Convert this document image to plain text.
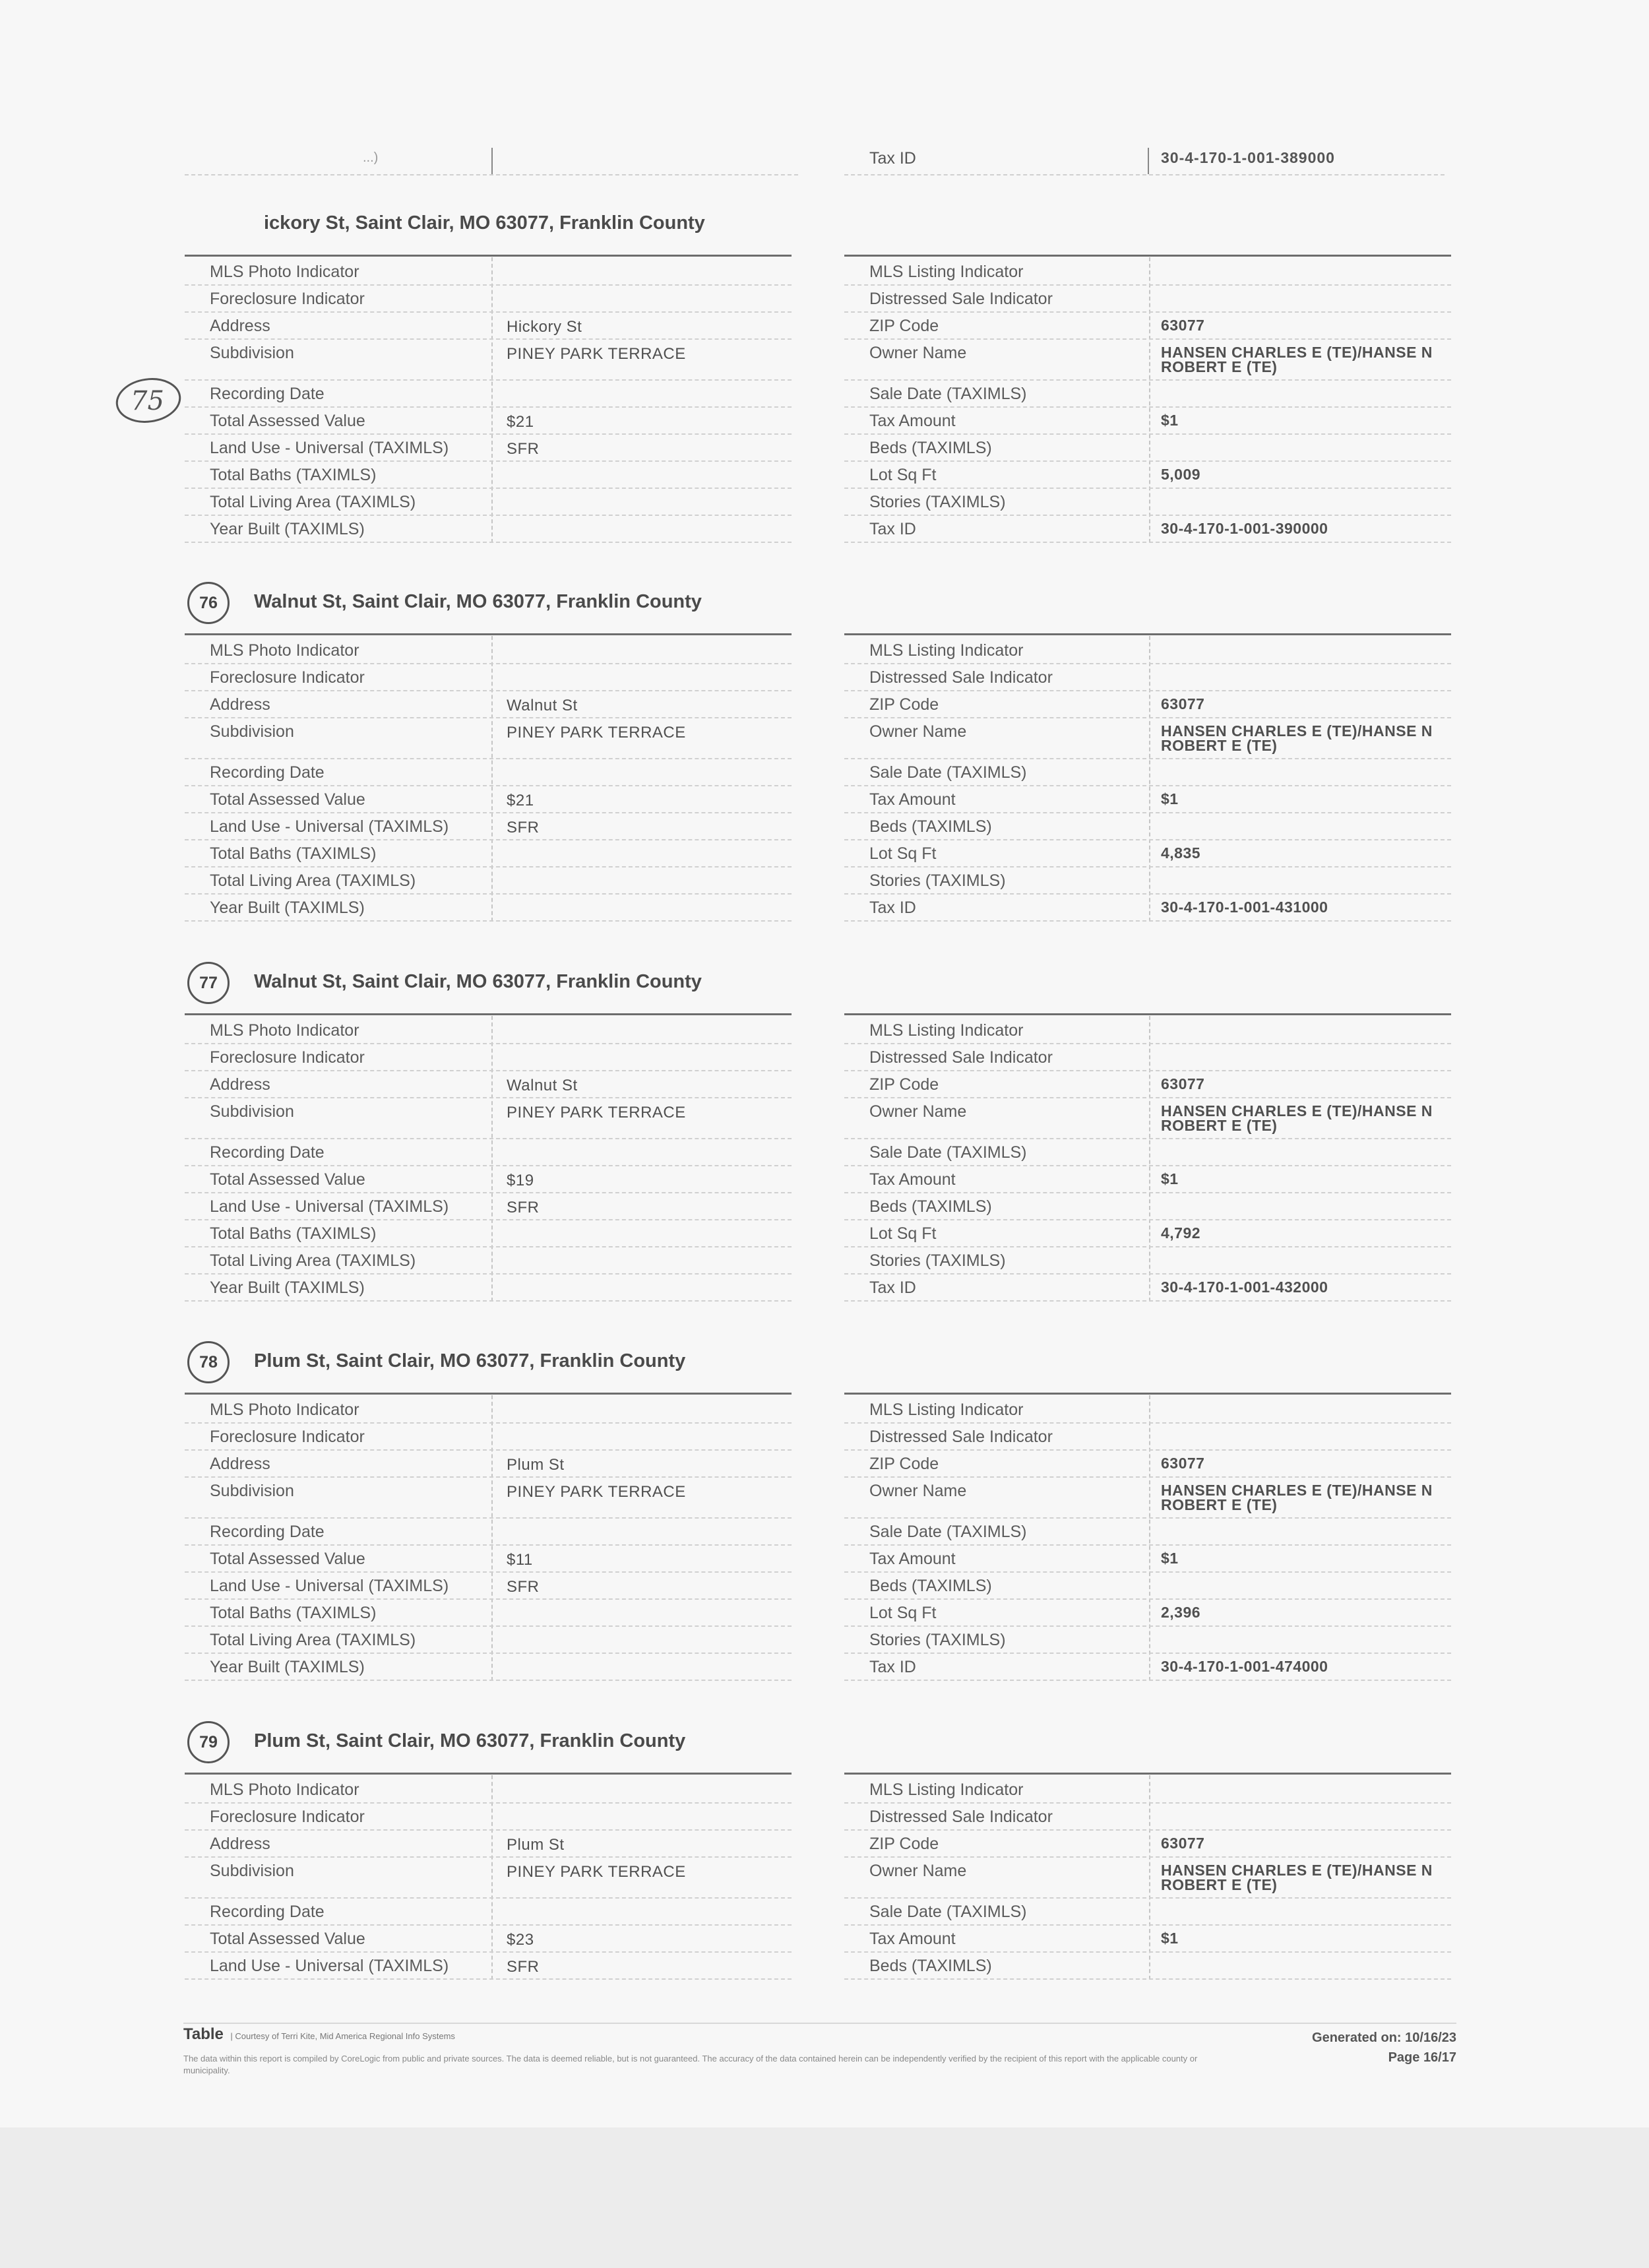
...)	Tax ID	30-4-170-1-001-389000
75
ickory St, Saint Clair, MO 63077, Franklin County
MLS Photo Indicator
Foreclosure Indicator
Address	Hickory St
Subdivision	PINEY PARK TERRACE
Recording Date
Total Assessed Value	$21
Land Use - Universal (TAXIMLS)	SFR
Total Baths (TAXIMLS)
Total Living Area (TAXIMLS)
Year Built (TAXIMLS)
MLS Listing Indicator
Distressed Sale Indicator
ZIP Code	63077
Owner Name	HANSEN CHARLES E (TE)/HANSE N ROBERT E (TE)
Sale Date (TAXIMLS)
Tax Amount	$1
Beds (TAXIMLS)
Lot Sq Ft	5,009
Stories (TAXIMLS)
Tax ID	30-4-170-1-001-390000
76	Walnut St, Saint Clair, MO 63077, Franklin County
MLS Photo Indicator
Foreclosure Indicator
Address	Walnut St
Subdivision	PINEY PARK TERRACE
Recording Date
Total Assessed Value	$21
Land Use - Universal (TAXIMLS)	SFR
Total Baths (TAXIMLS)
Total Living Area (TAXIMLS)
Year Built (TAXIMLS)
MLS Listing Indicator
Distressed Sale Indicator
ZIP Code	63077
Owner Name	HANSEN CHARLES E (TE)/HANSE N ROBERT E (TE)
Sale Date (TAXIMLS)
Tax Amount	$1
Beds (TAXIMLS)
Lot Sq Ft	4,835
Stories (TAXIMLS)
Tax ID	30-4-170-1-001-431000
77	Walnut St, Saint Clair, MO 63077, Franklin County
MLS Photo Indicator
Foreclosure Indicator
Address	Walnut St
Subdivision	PINEY PARK TERRACE
Recording Date
Total Assessed Value	$19
Land Use - Universal (TAXIMLS)	SFR
Total Baths (TAXIMLS)
Total Living Area (TAXIMLS)
Year Built (TAXIMLS)
MLS Listing Indicator
Distressed Sale Indicator
ZIP Code	63077
Owner Name	HANSEN CHARLES E (TE)/HANSE N ROBERT E (TE)
Sale Date (TAXIMLS)
Tax Amount	$1
Beds (TAXIMLS)
Lot Sq Ft	4,792
Stories (TAXIMLS)
Tax ID	30-4-170-1-001-432000
78	Plum St, Saint Clair, MO 63077, Franklin County
MLS Photo Indicator
Foreclosure Indicator
Address	Plum St
Subdivision	PINEY PARK TERRACE
Recording Date
Total Assessed Value	$11
Land Use - Universal (TAXIMLS)	SFR
Total Baths (TAXIMLS)
Total Living Area (TAXIMLS)
Year Built (TAXIMLS)
MLS Listing Indicator
Distressed Sale Indicator
ZIP Code	63077
Owner Name	HANSEN CHARLES E (TE)/HANSE N ROBERT E (TE)
Sale Date (TAXIMLS)
Tax Amount	$1
Beds (TAXIMLS)
Lot Sq Ft	2,396
Stories (TAXIMLS)
Tax ID	30-4-170-1-001-474000
79	Plum St, Saint Clair, MO 63077, Franklin County
MLS Photo Indicator
Foreclosure Indicator
Address	Plum St
Subdivision	PINEY PARK TERRACE
Recording Date
Total Assessed Value	$23
Land Use - Universal (TAXIMLS)	SFR
MLS Listing Indicator
Distressed Sale Indicator
ZIP Code	63077
Owner Name	HANSEN CHARLES E (TE)/HANSE N ROBERT E (TE)
Sale Date (TAXIMLS)
Tax Amount	$1
Beds (TAXIMLS)
Table | Courtesy of Terri Kite, Mid America Regional Info Systems	Generated on: 10/16/23
Page 16/17
The data within this report is compiled by CoreLogic from public and private sources. The data is deemed reliable, but is not guaranteed. The accuracy of the data contained herein can be independently verified by the recipient of this report with the applicable county or municipality.
